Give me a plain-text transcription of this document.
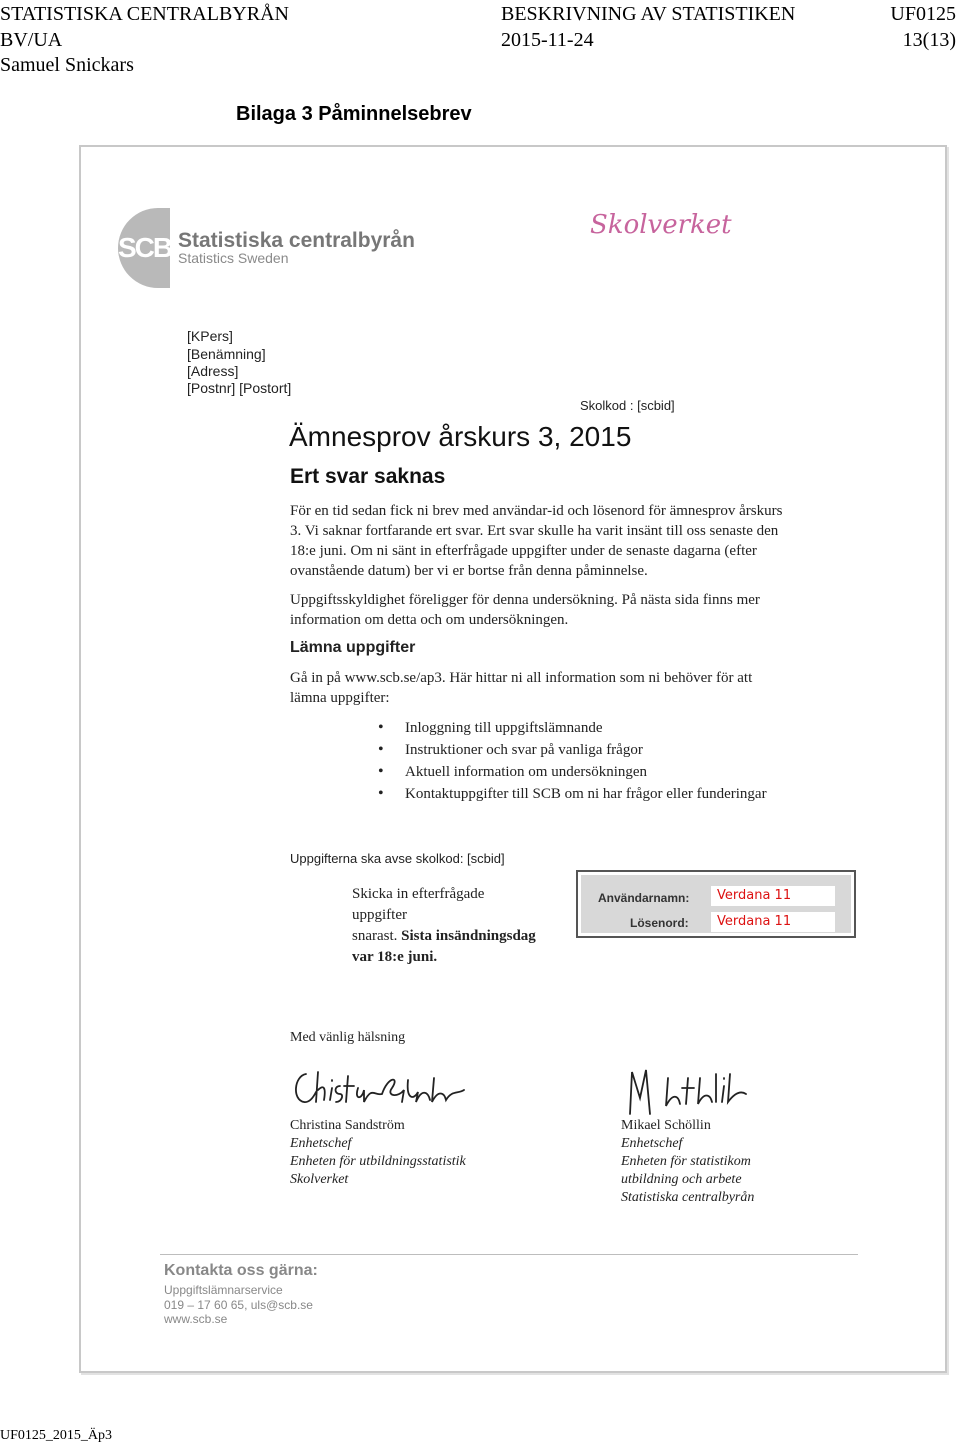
STATISTISKA CENTRALBYRÅN	BESKRIVNING AV STATISTIKEN	UF0125
BV/UA	2015-11-24	13(13)
Samuel Snickars
Bilaga 3 Påminnelsebrev
SCB Statistiska centralbyrån
Statistics Sweden
Skolverket
[KPers]
[Benämning]
[Adress]
[Postnr] [Postort]
Skolkod : [scbid]
Ämnesprov årskurs 3, 2015
Ert svar saknas
För en tid sedan fick ni brev med användar-id och lösenord för ämnesprov årskurs
3. Vi saknar fortfarande ert svar. Ert svar skulle ha varit insänt till oss senaste den
18:e juni. Om ni sänt in efterfrågade uppgifter under de senaste dagarna (efter
ovanstående datum) ber vi er bortse från denna påminnelse.
Uppgiftsskyldighet föreligger för denna undersökning. På nästa sida finns mer
information om detta och om undersökningen.
Lämna uppgifter
Gå in på www.scb.se/ap3. Här hittar ni all information som ni behöver för att
lämna uppgifter:
• Inloggning till uppgiftslämnande
• Instruktioner och svar på vanliga frågor
• Aktuell information om undersökningen
• Kontaktuppgifter till SCB om ni har frågor eller funderingar
Uppgifterna ska avse skolkod: [scbid]
Skicka in efterfrågade
uppgifter
snarast. Sista insändningsdag
var 18:e juni.
Användarnamn:	Verdana 11
Lösenord:	Verdana 11
Med vänlig hälsning
Christina Sandström
Enhetschef
Enheten för utbildningsstatistik
Skolverket
Mikael Schöllin
Enhetschef
Enheten för statistikom
utbildning och arbete
Statistiska centralbyrån
Kontakta oss gärna:
Uppgiftslämnarservice
019 – 17 60 65, uls@scb.se
www.scb.se
UF0125_2015_Äp3
